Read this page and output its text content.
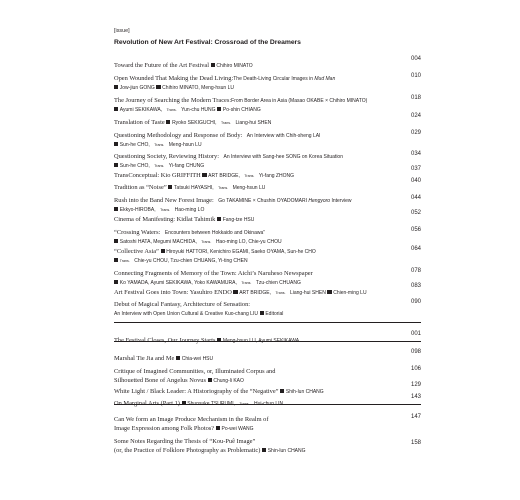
[issue]
Revolution of New Art Festival: Crossroad of the Dreamers
Toward the Future of the Art Festival Chihiro MINATO
004
Open Wounded That Making the Dead Living:The Death-Living Circular Images in Mud Man
Jow-jiun GONG Chihiro MINATO, Meng-hsun LU
010
The Journey of Searching the Modern Traces:From Border Area in Asia (Masao OKABE × Chihiro MINATO)
Ayumi SEKIKAWA, Trans. Yun-chu HUNG Po-shin CHIANG
018
Translation of Taste Ryoko SEKIGUCHI, Trans. Liang-hui SHEN
024
Questioning Methodology and Response of Body: An Interview with Chih-sheng LAI
Sun-he CHO, Trans. Meng-hsun LU
029
Questioning Society, Reviewing History: An Interview with Sang-hee SONG on Korea Situation
Sun-he CHO, Trans. Yi-fang CHUNG
034
TransConceptual: Kio GRIFFITH ART BRIDGE, Trans. Yi-fang ZHONG
037
Tradition as “Noise” Tatsuki HAYASHI, Trans. Meng-hsun LU
040
Rush into the Band New Forest Image: Go TAKAMINE × Chushin OYADOMARI Hengyoro Interview
Ekkyo-HIROBA, Trans. Hao-ming LO
044
Cinema of Manifesting: Kidlat Tahimik Fang-tze HSU
052
“Crossing Waters: Encounters between Hokkaido and Okinawa”
Satoshi HATA, Megumi MACHIDA, Trans. Hao-ming LO, Chie-yu CHOU
056
“Collective Asia” Hiroyuki HATTORI, Kenichiro EGAMI, Saeko OYAMA, Sun-he CHO
Trans. Chie-yu CHOU, Tzu-chien CHUANG, Yi-ting CHEN
064
Connecting Fragments of Memory of the Town: Aichi’s Naruheso Newspaper
Ko YAMADA, Ayumi SEKIKAWA, Yoko KAWAMURA, Trans. Tzu-chien CHUANG
078
Art Festival Goes into Town: Yasuhiro ENDO ART BRIDGE, Trans. Liang-hui SHEN Chien-ming LU
083
Debut of Magical Fantasy, Architecture of Sensation:
An Interview with Open Union Cultural & Creative Kuo-chang LIU Editorial
090
The Festival Closes, Our Journey Starts Meng-hsun LU, Ayumi SEKIKAWA
001
Marshal Tie Jia and Me Chia-wei HSU
098
Critique of Imagined Communities, or, Illuminated Corpus and
Silhouetted Bone of Angelus Novus Chung-li KAO
106
White Light / Black Leader: A Historiography of the “Negative” Shih-lun CHANG
129
On Marginal Arts (Part 1) Shunsuke TSURUMI, Trans. Hui-chun LIN
143
Can We form an Image Produce Mechanism in the Realm of
Image Expression among Folk Photos? Po-wei WANG
147
Some Notes Regarding the Thesis of “Kou-Puê Image”
(or, the Practice of Folklore Photography as Problematic) Shin-lun CHANG
158
